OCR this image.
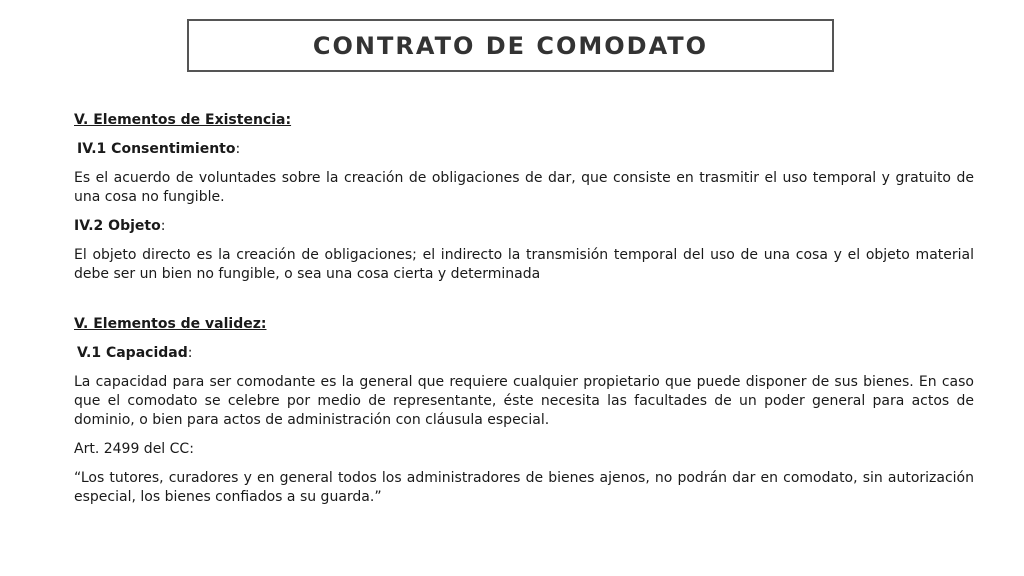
CONTRATO DE COMODATO

V. Elementos de Existencia:

IV.1 Consentimiento:

Es el acuerdo de voluntades sobre la creación de obligaciones de dar, que consiste en trasmitir el uso temporal y gratuito de una cosa no fungible.

IV.2 Objeto:

El objeto directo es la creación de obligaciones; el indirecto la transmisión temporal del uso de una cosa y el objeto material debe ser un bien no fungible, o sea una cosa cierta y determinada

V. Elementos de validez:

V.1 Capacidad:

La capacidad para ser comodante es la general que requiere cualquier propietario que puede disponer de sus bienes. En caso que el comodato se celebre por medio de representante, éste necesita las facultades de un poder general para actos de dominio, o bien para actos de administración con cláusula especial.

Art. 2499 del CC:

“Los tutores, curadores y en general todos los administradores de bienes ajenos, no podrán dar en comodato, sin autorización especial, los bienes confiados a su guarda.”
